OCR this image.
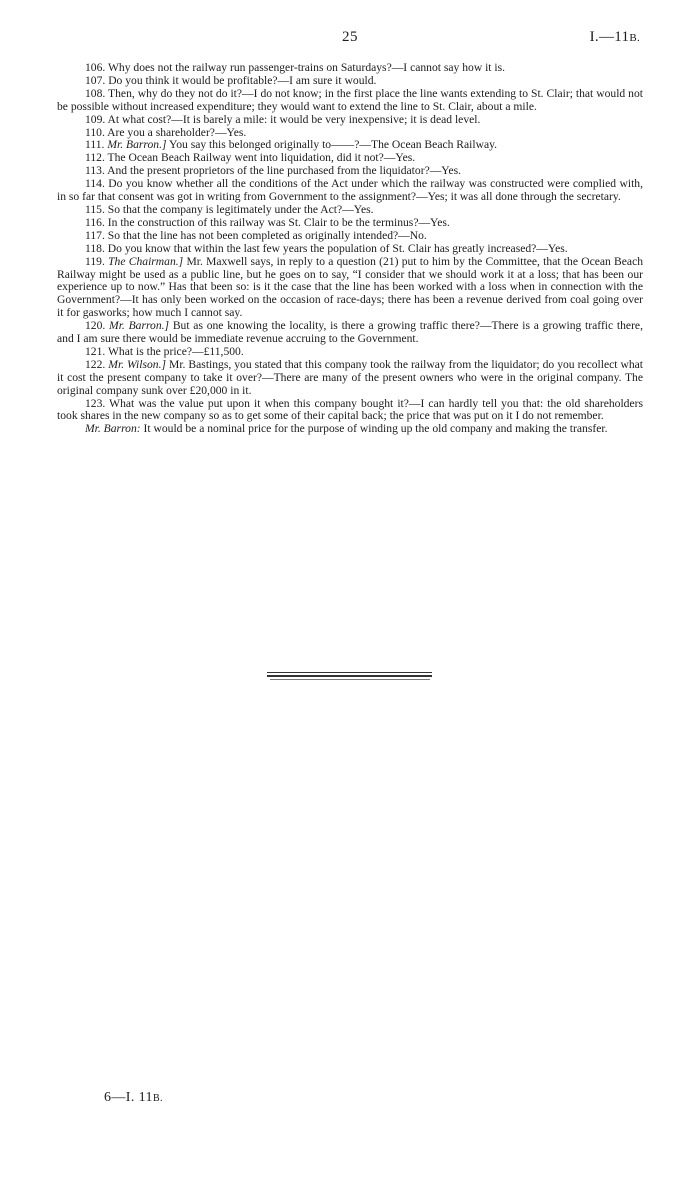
25	I.—11B.

106. Why does not the railway run passenger-trains on Saturdays?—I cannot say how it is.

107. Do you think it would be profitable?—I am sure it would.

108. Then, why do they not do it?—I do not know; in the first place the line wants extending to St. Clair; that would not be possible without increased expenditure; they would want to extend the line to St. Clair, about a mile.

109. At what cost?—It is barely a mile: it would be very inexpensive; it is dead level.

110. Are you a shareholder?—Yes.

111. Mr. Barron.] You say this belonged originally to——?—The Ocean Beach Railway.

112. The Ocean Beach Railway went into liquidation, did it not?—Yes.

113. And the present proprietors of the line purchased from the liquidator?—Yes.

114. Do you know whether all the conditions of the Act under which the railway was constructed were complied with, in so far that consent was got in writing from Government to the assignment?—Yes; it was all done through the secretary.

115. So that the company is legitimately under the Act?—Yes.

116. In the construction of this railway was St. Clair to be the terminus?—Yes.

117. So that the line has not been completed as originally intended?—No.

118. Do you know that within the last few years the population of St. Clair has greatly increased?—Yes.

119. The Chairman.] Mr. Maxwell says, in reply to a question (21) put to him by the Committee, that the Ocean Beach Railway might be used as a public line, but he goes on to say, “I consider that we should work it at a loss; that has been our experience up to now.” Has that been so: is it the case that the line has been worked with a loss when in connection with the Government?—It has only been worked on the occasion of race-days; there has been a revenue derived from coal going over it for gasworks; how much I cannot say.

120. Mr. Barron.] But as one knowing the locality, is there a growing traffic there?—There is a growing traffic there, and I am sure there would be immediate revenue accruing to the Government.

121. What is the price?—£11,500.

122. Mr. Wilson.] Mr. Bastings, you stated that this company took the railway from the liquidator; do you recollect what it cost the present company to take it over?—There are many of the present owners who were in the original company. The original company sunk over £20,000 in it.

123. What was the value put upon it when this company bought it?—I can hardly tell you that: the old shareholders took shares in the new company so as to get some of their capital back; the price that was put on it I do not remember.

Mr. Barron: It would be a nominal price for the purpose of winding up the old company and making the transfer.

6—I. 11B.
